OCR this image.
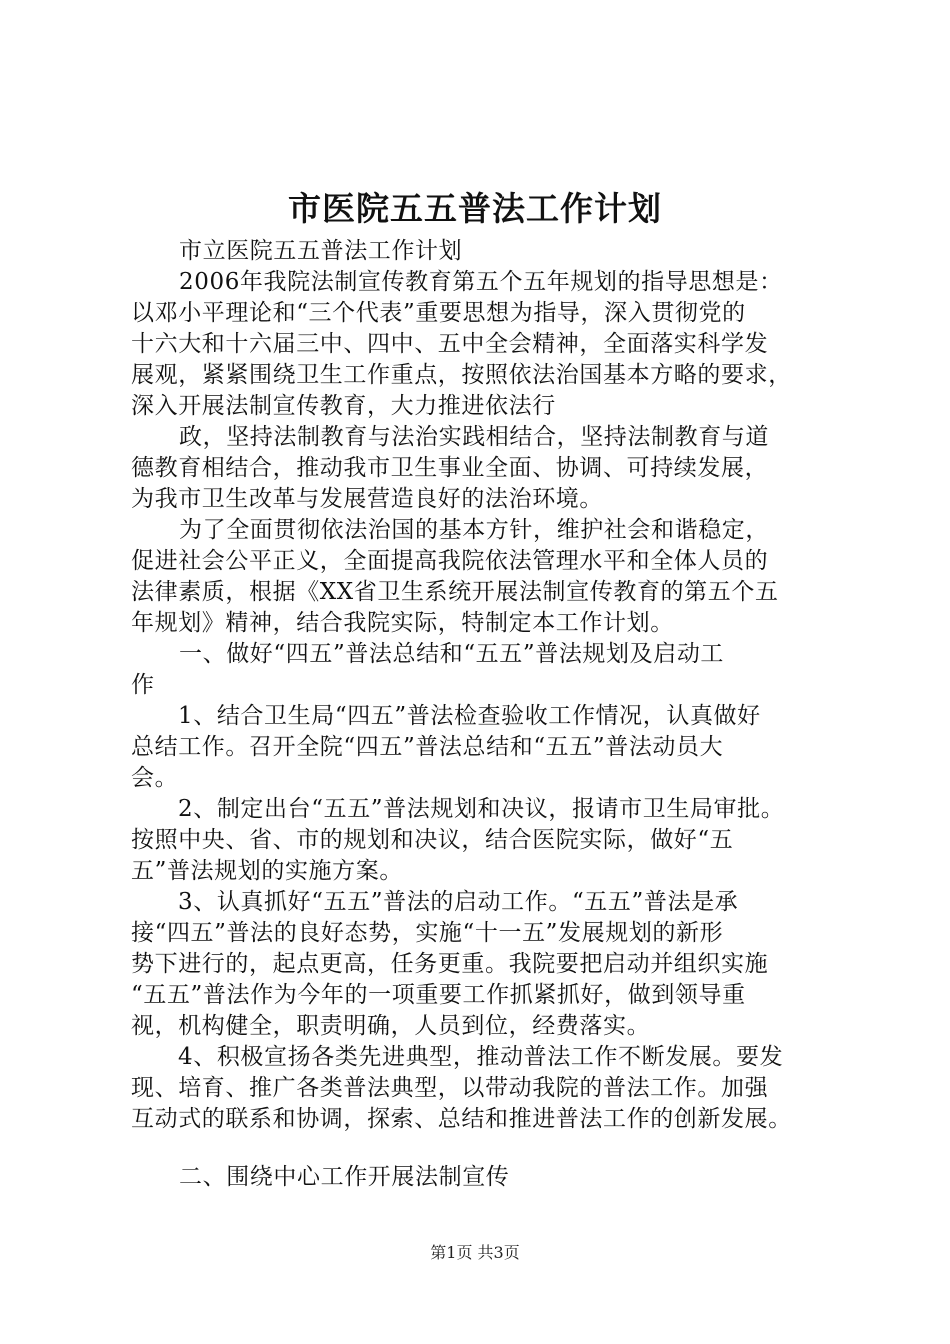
市医院五五普法工作计划
市立医院五五普法工作计划
2006年我院法制宣传教育第五个五年规划的指导思想是：
以邓小平理论和“三个代表”重要思想为指导，深入贯彻党的
十六大和十六届三中、四中、五中全会精神，全面落实科学发
展观，紧紧围绕卫生工作重点，按照依法治国基本方略的要求，
深入开展法制宣传教育，大力推进依法行
政，坚持法制教育与法治实践相结合，坚持法制教育与道
德教育相结合，推动我市卫生事业全面、协调、可持续发展，
为我市卫生改革与发展营造良好的法治环境。
为了全面贯彻依法治国的基本方针，维护社会和谐稳定，
促进社会公平正义，全面提高我院依法管理水平和全体人员的
法律素质，根据《XX省卫生系统开展法制宣传教育的第五个五
年规划》精神，结合我院实际，特制定本工作计划。
一、做好“四五”普法总结和“五五”普法规划及启动工
作
1、结合卫生局“四五”普法检查验收工作情况，认真做好
总结工作。召开全院“四五”普法总结和“五五”普法动员大
会。
2、制定出台“五五”普法规划和决议，报请市卫生局审批。
按照中央、省、市的规划和决议，结合医院实际，做好“五
五”普法规划的实施方案。
3、认真抓好“五五”普法的启动工作。“五五”普法是承
接“四五”普法的良好态势，实施“十一五”发展规划的新形
势下进行的，起点更高，任务更重。我院要把启动并组织实施
“五五”普法作为今年的一项重要工作抓紧抓好，做到领导重
视，机构健全，职责明确，人员到位，经费落实。
4、积极宣扬各类先进典型，推动普法工作不断发展。要发
现、培育、推广各类普法典型，以带动我院的普法工作。加强
互动式的联系和协调，探索、总结和推进普法工作的创新发展。
二、围绕中心工作开展法制宣传
第1页 共3页
